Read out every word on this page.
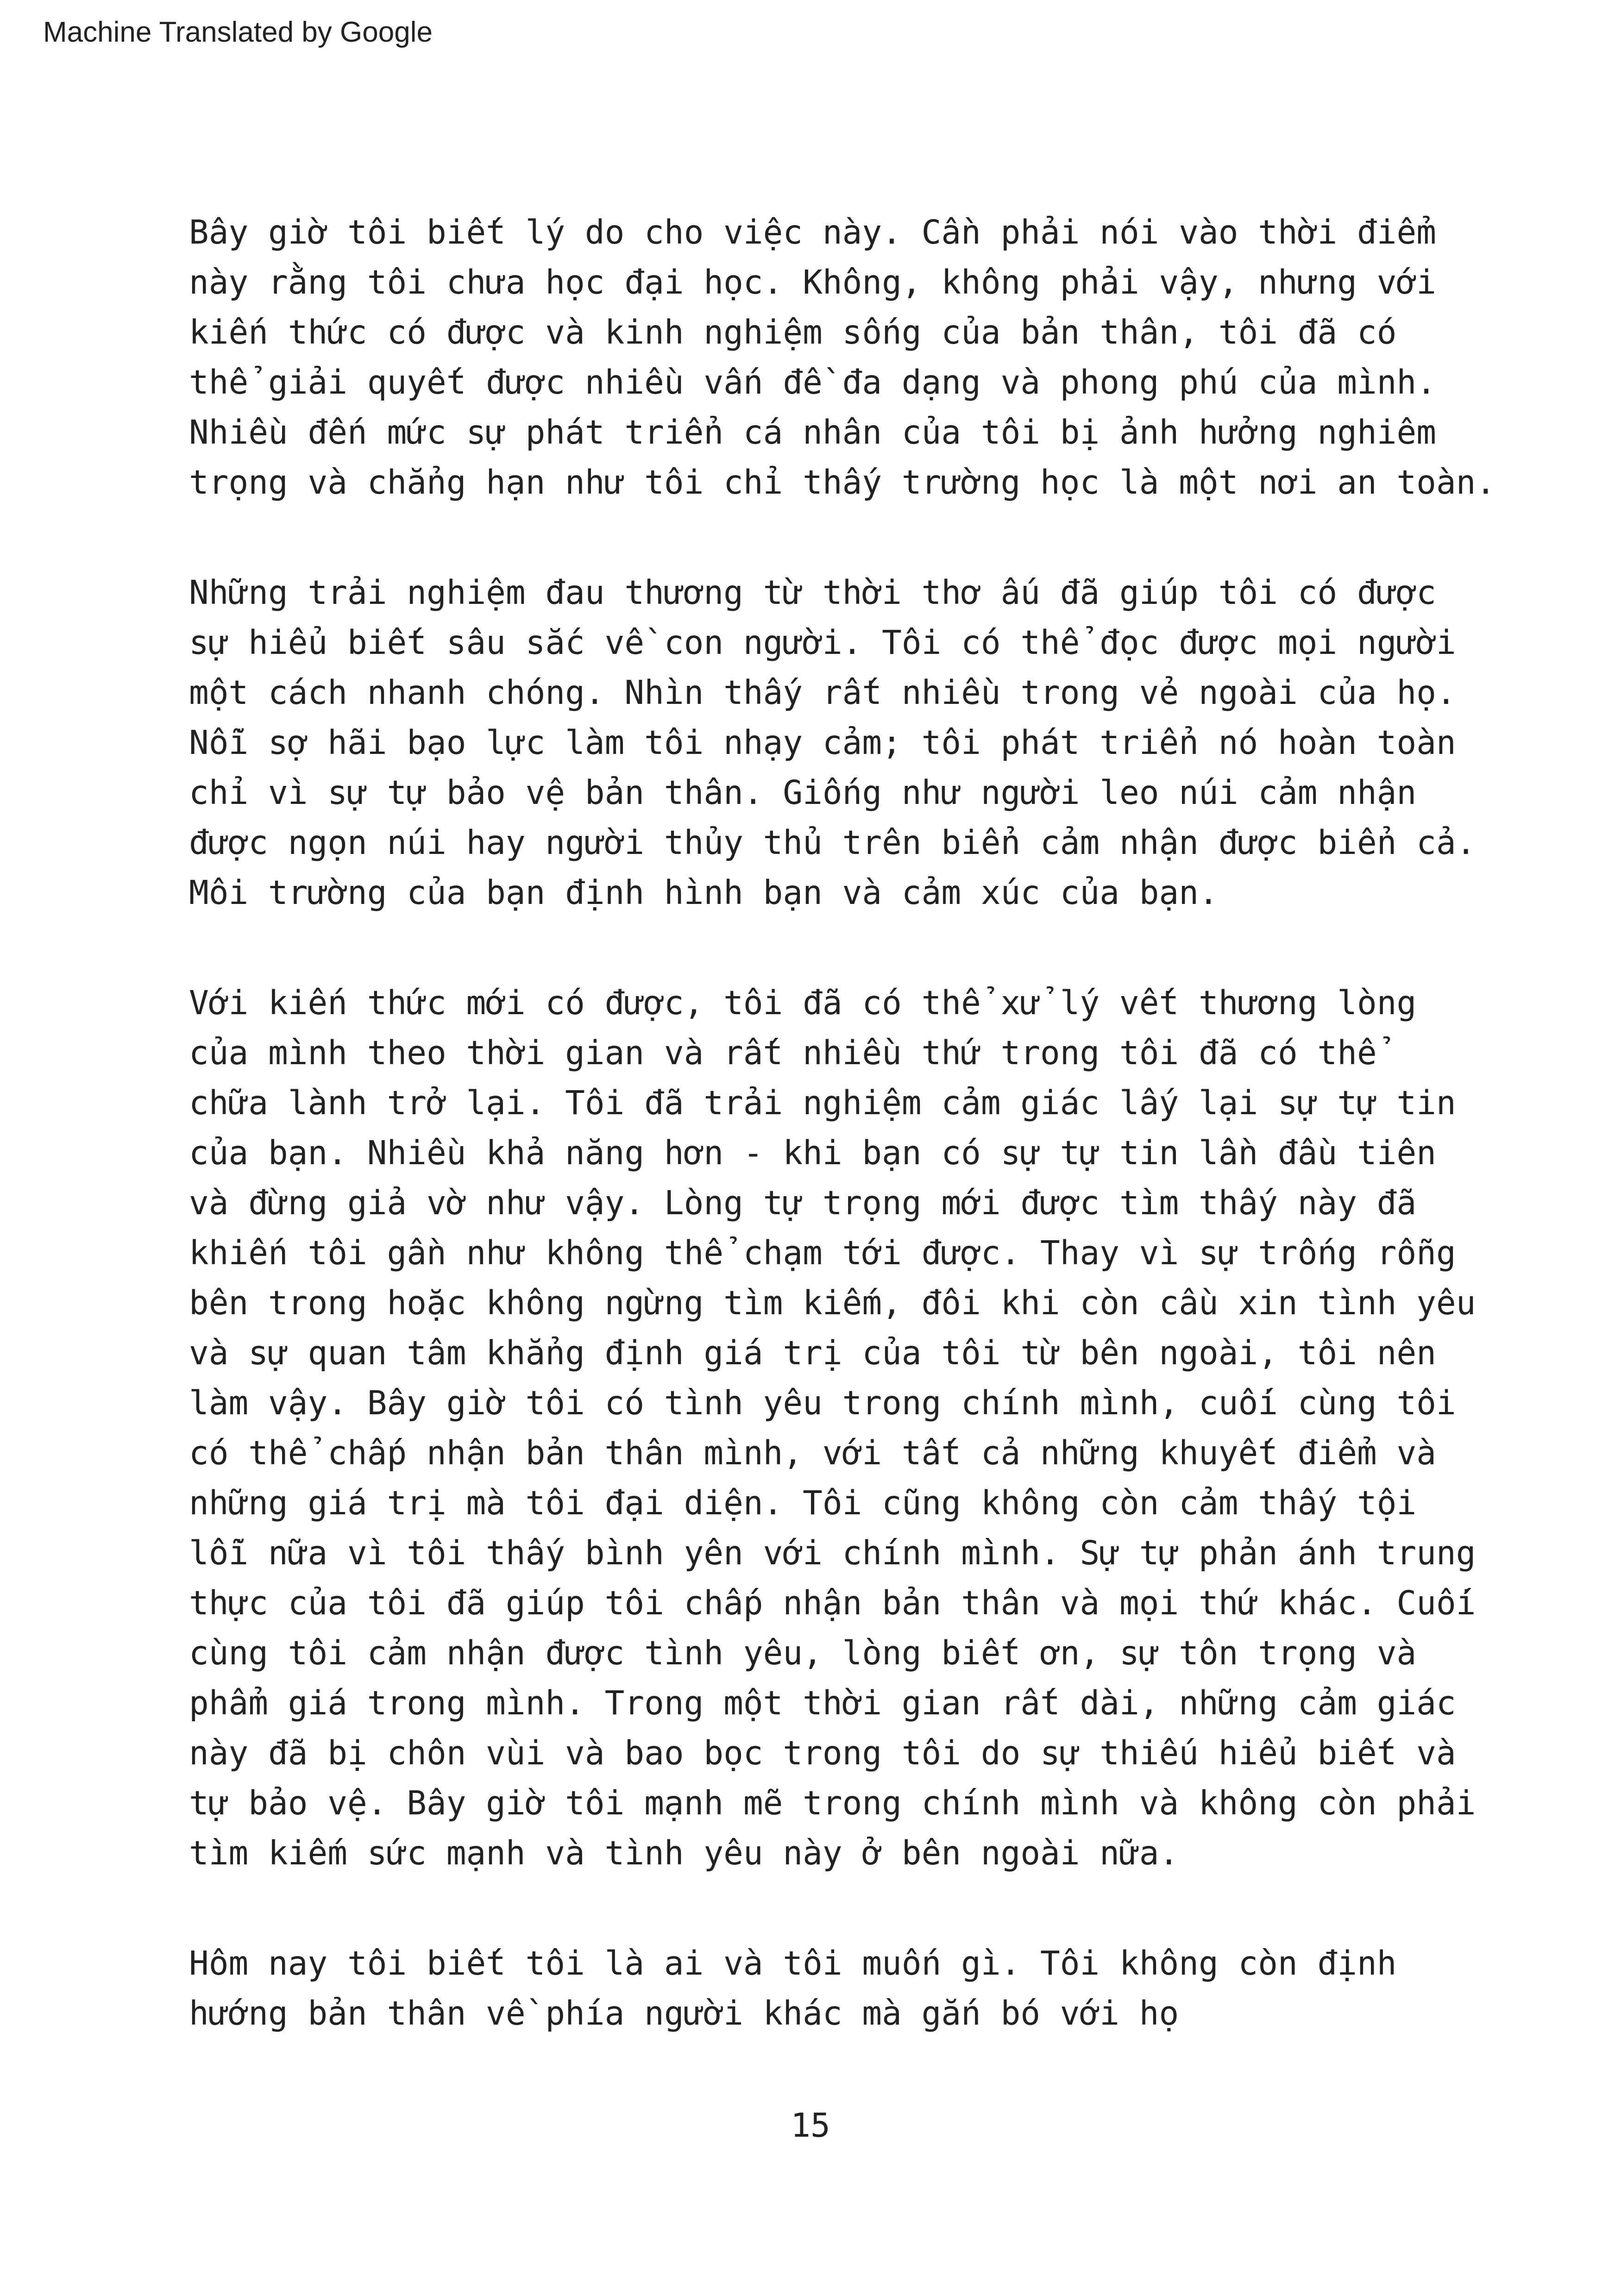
Machine Translated by Google
Bây giờ tôi biết lý do cho việc này. Cần phải nói vào thời điểm
này rằng tôi chưa học đại học. Không, không phải vậy, nhưng với
kiến thức có được và kinh nghiệm sống của bản thân, tôi đã có
thể giải quyết được nhiều vấn đề đa dạng và phong phú của mình.
Nhiều đến mức sự phát triển cá nhân của tôi bị ảnh hưởng nghiêm
trọng và chẳng hạn như tôi chỉ thấy trường học là một nơi an toàn.
Những trải nghiệm đau thương từ thời thơ ấu đã giúp tôi có được
sự hiểu biết sâu sắc về con người. Tôi có thể đọc được mọi người
một cách nhanh chóng. Nhìn thấy rất nhiều trong vẻ ngoài của họ.
Nỗi sợ hãi bạo lực làm tôi nhạy cảm; tôi phát triển nó hoàn toàn
chỉ vì sự tự bảo vệ bản thân. Giống như người leo núi cảm nhận
được ngọn núi hay người thủy thủ trên biển cảm nhận được biển cả.
Môi trường của bạn định hình bạn và cảm xúc của bạn.
Với kiến thức mới có được, tôi đã có thể xử lý vết thương lòng
của mình theo thời gian và rất nhiều thứ trong tôi đã có thể
chữa lành trở lại. Tôi đã trải nghiệm cảm giác lấy lại sự tự tin
của bạn. Nhiều khả năng hơn - khi bạn có sự tự tin lần đầu tiên
và đừng giả vờ như vậy. Lòng tự trọng mới được tìm thấy này đã
khiến tôi gần như không thể chạm tới được. Thay vì sự trống rỗng
bên trong hoặc không ngừng tìm kiếm, đôi khi còn cầu xin tình yêu
và sự quan tâm khẳng định giá trị của tôi từ bên ngoài, tôi nên
làm vậy. Bây giờ tôi có tình yêu trong chính mình, cuối cùng tôi
có thể chấp nhận bản thân mình, với tất cả những khuyết điểm và
những giá trị mà tôi đại diện. Tôi cũng không còn cảm thấy tội
lỗi nữa vì tôi thấy bình yên với chính mình. Sự tự phản ánh trung
thực của tôi đã giúp tôi chấp nhận bản thân và mọi thứ khác. Cuối
cùng tôi cảm nhận được tình yêu, lòng biết ơn, sự tôn trọng và
phẩm giá trong mình. Trong một thời gian rất dài, những cảm giác
này đã bị chôn vùi và bao bọc trong tôi do sự thiếu hiểu biết và
tự bảo vệ. Bây giờ tôi mạnh mẽ trong chính mình và không còn phải
tìm kiếm sức mạnh và tình yêu này ở bên ngoài nữa.
Hôm nay tôi biết tôi là ai và tôi muốn gì. Tôi không còn định
hướng bản thân về phía người khác mà gắn bó với họ
15
